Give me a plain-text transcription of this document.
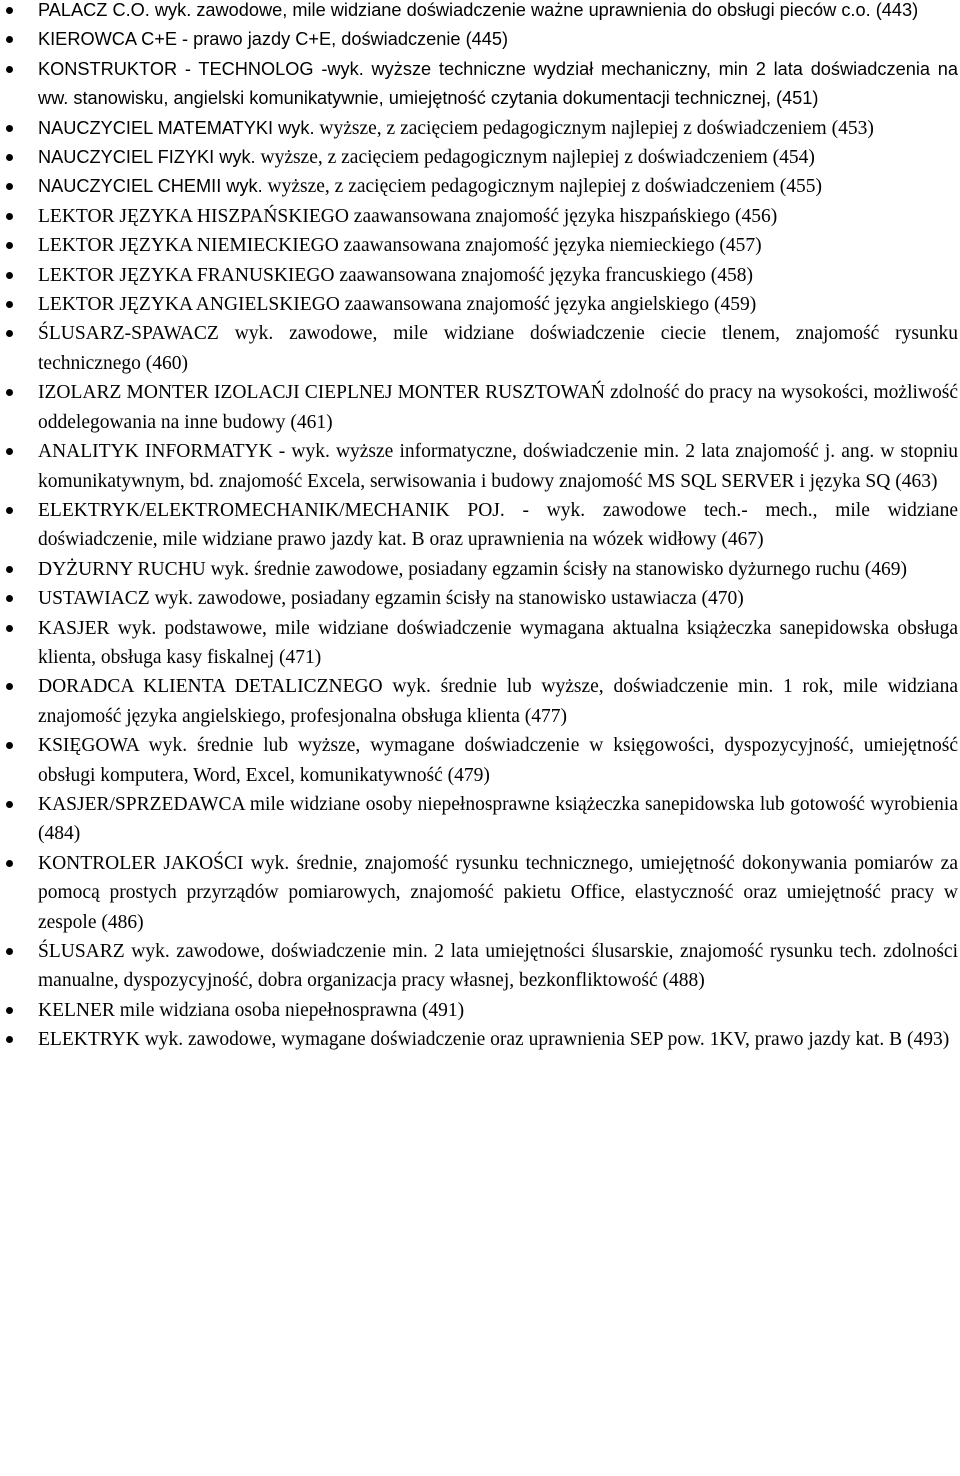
PALACZ C.O. wyk. zawodowe, mile widziane doświadczenie ważne uprawnienia do obsługi pieców c.o. (443)
KIEROWCA C+E - prawo jazdy C+E, doświadczenie (445)
KONSTRUKTOR - TECHNOLOG -wyk. wyższe techniczne wydział mechaniczny, min 2 lata doświadczenia na ww. stanowisku, angielski komunikatywnie, umiejętność czytania dokumentacji technicznej, (451)
NAUCZYCIEL MATEMATYKI wyk. wyższe, z zacięciem pedagogicznym najlepiej z doświadczeniem (453)
NAUCZYCIEL FIZYKI wyk. wyższe, z zacięciem pedagogicznym najlepiej z doświadczeniem (454)
NAUCZYCIEL CHEMII wyk. wyższe, z zacięciem pedagogicznym najlepiej z doświadczeniem (455)
LEKTOR JĘZYKA HISZPAŃSKIEGO zaawansowana znajomość języka hiszpańskiego (456)
LEKTOR JĘZYKA NIEMIECKIEGO zaawansowana znajomość języka niemieckiego (457)
LEKTOR JĘZYKA FRANUSKIEGO zaawansowana znajomość języka francuskiego (458)
LEKTOR JĘZYKA ANGIELSKIEGO zaawansowana znajomość języka angielskiego (459)
ŚLUSARZ-SPAWACZ wyk. zawodowe, mile widziane doświadczenie ciecie tlenem, znajomość rysunku technicznego (460)
IZOLARZ MONTER IZOLACJI CIEPLNEJ MONTER RUSZTOWAŃ zdolność do pracy na wysokości, możliwość oddelegowania na inne budowy (461)
ANALITYK INFORMATYK - wyk. wyższe informatyczne, doświadczenie min. 2 lata znajomość j. ang. w stopniu komunikatywnym, bd. znajomość Excela, serwisowania i budowy znajomość MS SQL SERVER i języka SQ (463)
ELEKTRYK/ELEKTROMECHANIK/MECHANIK POJ. - wyk. zawodowe tech.- mech., mile widziane doświadczenie, mile widziane prawo jazdy kat. B oraz uprawnienia na wózek widłowy (467)
DYŻURNY RUCHU wyk. średnie zawodowe, posiadany egzamin ścisły na stanowisko dyżurnego ruchu (469)
USTAWIACZ wyk. zawodowe, posiadany egzamin ścisły na stanowisko ustawiacza (470)
KASJER wyk. podstawowe, mile widziane doświadczenie wymagana aktualna książeczka sanepidowska obsługa klienta, obsługa kasy fiskalnej (471)
DORADCA KLIENTA DETALICZNEGO wyk. średnie lub wyższe, doświadczenie min. 1 rok, mile widziana znajomość języka angielskiego, profesjonalna obsługa klienta (477)
KSIĘGOWA wyk. średnie lub wyższe, wymagane doświadczenie w księgowości, dyspozycyjność, umiejętność obsługi komputera, Word, Excel, komunikatywność (479)
KASJER/SPRZEDAWCA mile widziane osoby niepełnosprawne książeczka sanepidowska lub gotowość wyrobienia (484)
KONTROLER JAKOŚCI wyk. średnie, znajomość rysunku technicznego, umiejętność dokonywania pomiarów za pomocą prostych przyrządów pomiarowych, znajomość pakietu Office, elastyczność oraz umiejętność pracy w zespole (486)
ŚLUSARZ wyk. zawodowe, doświadczenie min. 2 lata umiejętności ślusarskie, znajomość rysunku tech. zdolności manualne, dyspozycyjność, dobra organizacja pracy własnej, bezkonfliktowość (488)
KELNER mile widziana osoba niepełnosprawna (491)
ELEKTRYK wyk. zawodowe, wymagane doświadczenie oraz uprawnienia SEP pow. 1KV, prawo jazdy kat. B (493)
